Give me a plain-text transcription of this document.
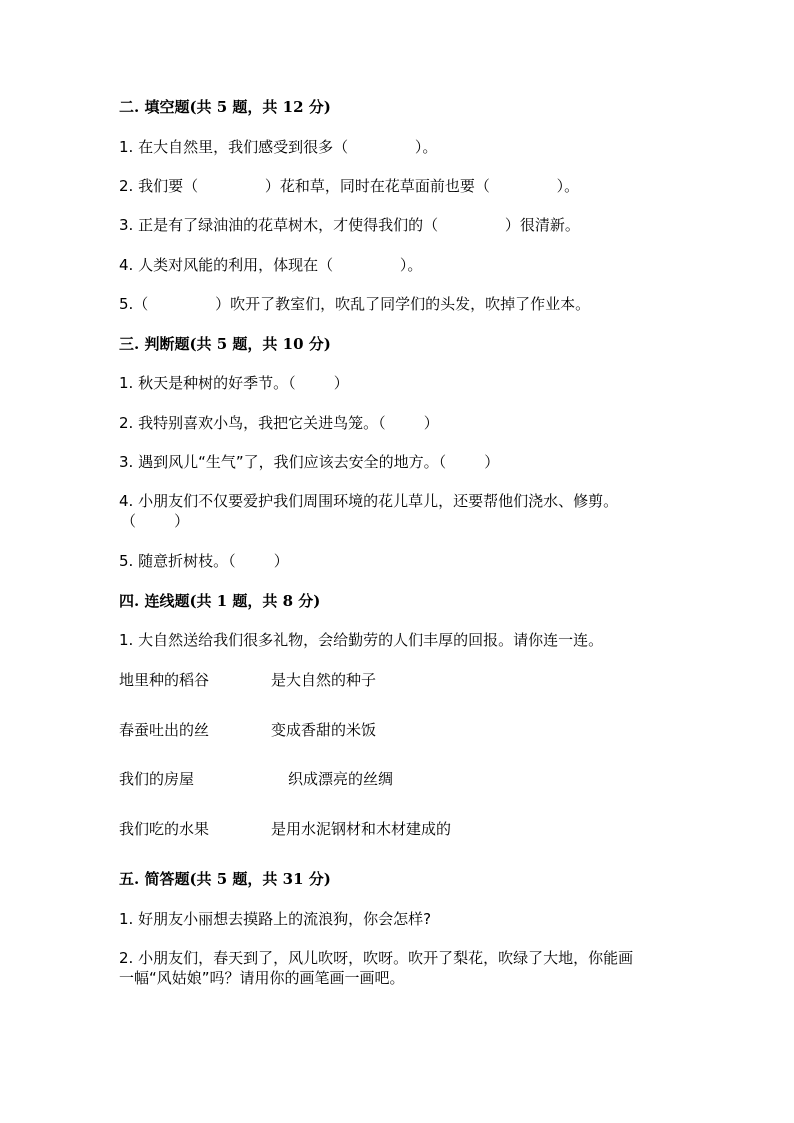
二. 填空题(共 5 题，共 12 分)
1. 在大自然里，我们感受到很多（              ）。
2. 我们要（              ）花和草，同时在花草面前也要（              ）。
3. 正是有了绿油油的花草树木，才使得我们的（              ）很清新。
4. 人类对风能的利用，体现在（              ）。
5.（              ）吹开了教室们，吹乱了同学们的头发，吹掉了作业本。
三. 判断题(共 5 题，共 10 分)
1. 秋天是种树的好季节。（        ）
2. 我特别喜欢小鸟，我把它关进鸟笼。（        ）
3. 遇到风儿“生气”了，我们应该去安全的地方。（        ）
4. 小朋友们不仅要爱护我们周围环境的花儿草儿，还要帮他们浇水、修剪。
（        ）
5. 随意折树枝。（        ）
四. 连线题(共 1 题，共 8 分)
1. 大自然送给我们很多礼物，会给勤劳的人们丰厚的回报。请你连一连。
地里种的稻谷	是大自然的种子
春蚕吐出的丝	变成香甜的米饭
我们的房屋	织成漂亮的丝绸
我们吃的水果	是用水泥钢材和木材建成的
五. 简答题(共 5 题，共 31 分)
1. 好朋友小丽想去摸路上的流浪狗，你会怎样?
2. 小朋友们，春天到了，风儿吹呀，吹呀。吹开了梨花，吹绿了大地，你能画
一幅“风姑娘”吗？请用你的画笔画一画吧。
